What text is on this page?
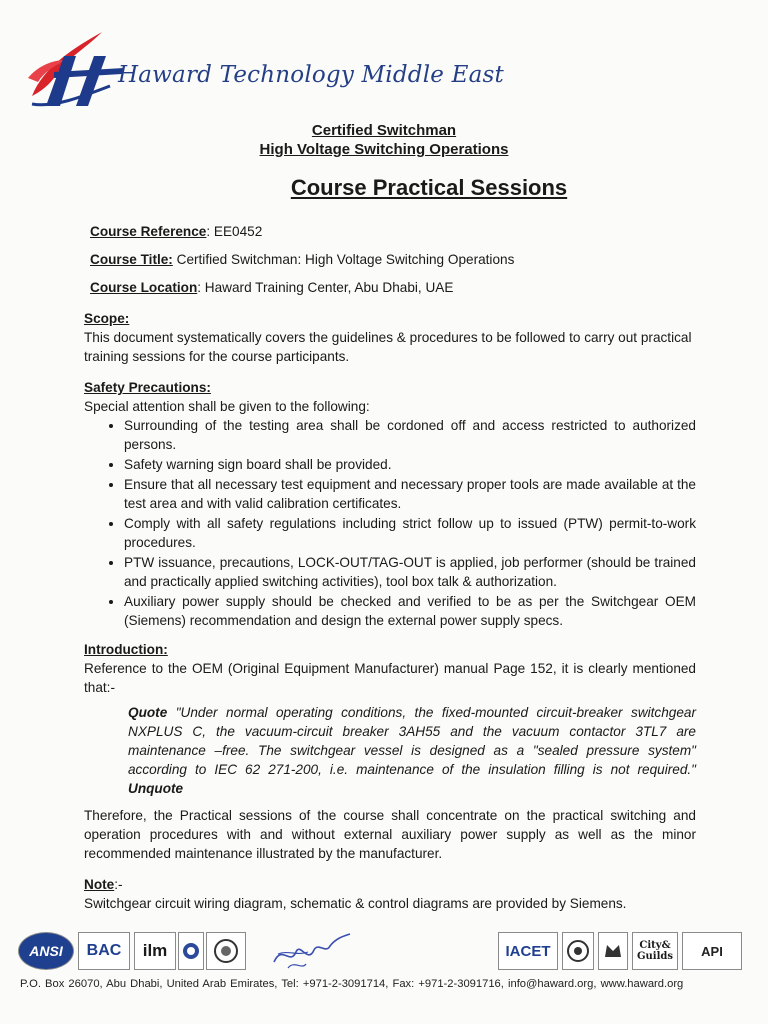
Haward Technology Middle East
Certified Switchman
High Voltage Switching Operations
Course Practical Sessions
Course Reference: EE0452
Course Title: Certified Switchman: High Voltage Switching Operations
Course Location: Haward Training Center, Abu Dhabi, UAE
Scope:
This document systematically covers the guidelines & procedures to be followed to carry out practical training sessions for the course participants.
Safety Precautions:
Special attention shall be given to the following:
• Surrounding of the testing area shall be cordoned off and access restricted to authorized persons.
• Safety warning sign board shall be provided.
• Ensure that all necessary test equipment and necessary proper tools are made available at the test area and with valid calibration certificates.
• Comply with all safety regulations including strict follow up to issued (PTW) permit-to-work procedures.
• PTW issuance, precautions, LOCK-OUT/TAG-OUT is applied, job performer (should be trained and practically applied switching activities), tool box talk & authorization.
• Auxiliary power supply should be checked and verified to be as per the Switchgear OEM (Siemens) recommendation and design the external power supply specs.
Introduction:
Reference to the OEM (Original Equipment Manufacturer) manual Page 152, it is clearly mentioned that:-
Quote "Under normal operating conditions, the fixed-mounted circuit-breaker switchgear NXPLUS C, the vacuum-circuit breaker 3AH55 and the vacuum contactor 3TL7 are maintenance –free. The switchgear vessel is designed as a "sealed pressure system" according to IEC 62 271-200, i.e. maintenance of the insulation filling is not required." Unquote
Therefore, the Practical sessions of the course shall concentrate on the practical switching and operation procedures with and without external auxiliary power supply as well as the minor recommended maintenance illustrated by the manufacturer.
Note:-
Switchgear circuit wiring diagram, schematic & control diagrams are provided by Siemens.
ANSI BAC ilm	IACET	City& Guilds	API
P.O. Box 26070, Abu Dhabi, United Arab Emirates, Tel: +971-2-3091714, Fax: +971-2-3091716, info@haward.org, www.haward.org
